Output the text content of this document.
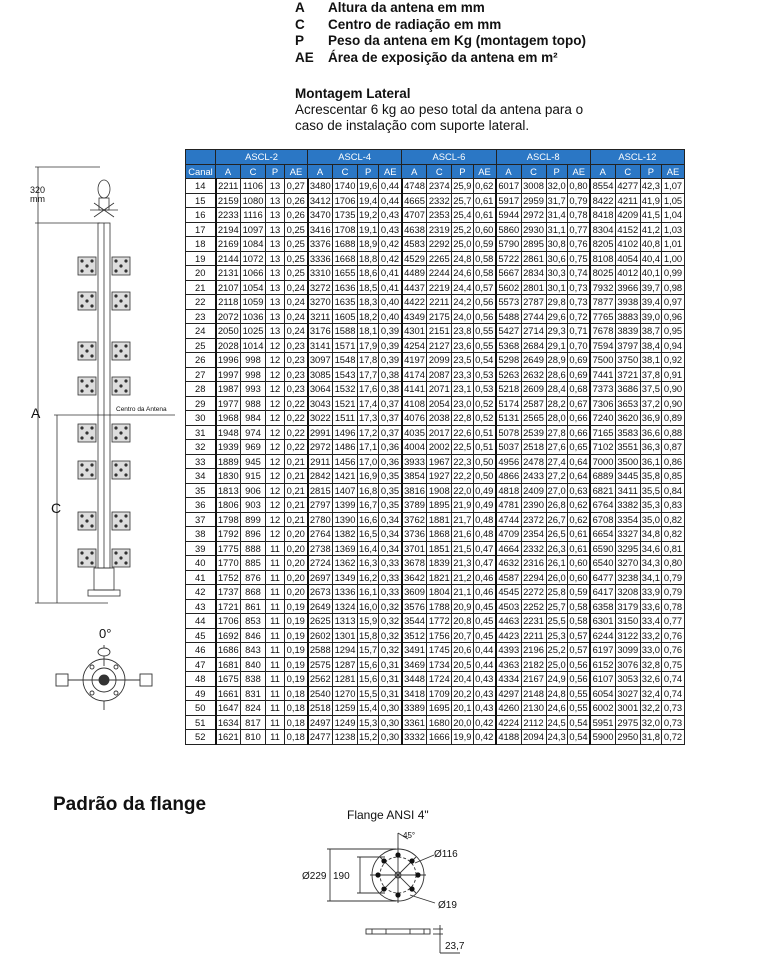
A	Altura da antena em mm
C	Centro de radiação em mm
P	Peso da antena em Kg (montagem topo)
AE	Área de exposição da antena em m²
Montagem Lateral
Acrescentar 6 kg ao peso total da antena para o
caso de instalação com suporte lateral.
	ASCL-2				ASCL-4				ASCL-6				ASCL-8				ASCL-12			
Canal	A	C	P	AE	A	C	P	AE	A	C	P	AE	A	C	P	AE	A	C	P	AE
14	2211	1106	13	0,27	3480	1740	19,6	0,44	4748	2374	25,9	0,62	6017	3008	32,0	0,80	8554	4277	42,3	1,07
15	2159	1080	13	0,26	3412	1706	19,4	0,44	4665	2332	25,7	0,61	5917	2959	31,7	0,79	8422	4211	41,9	1,05
16	2233	1116	13	0,26	3470	1735	19,2	0,43	4707	2353	25,4	0,61	5944	2972	31,4	0,78	8418	4209	41,5	1,04
17	2194	1097	13	0,25	3416	1708	19,1	0,43	4638	2319	25,2	0,60	5860	2930	31,1	0,77	8304	4152	41,2	1,03
18	2169	1084	13	0,25	3376	1688	18,9	0,42	4583	2292	25,0	0,59	5790	2895	30,8	0,76	8205	4102	40,8	1,01
19	2144	1072	13	0,25	3336	1668	18,8	0,42	4529	2265	24,8	0,58	5722	2861	30,6	0,75	8108	4054	40,4	1,00
20	2131	1066	13	0,25	3310	1655	18,6	0,41	4489	2244	24,6	0,58	5667	2834	30,3	0,74	8025	4012	40,1	0,99
21	2107	1054	13	0,24	3272	1636	18,5	0,41	4437	2219	24,4	0,57	5602	2801	30,1	0,73	7932	3966	39,7	0,98
22	2118	1059	13	0,24	3270	1635	18,3	0,40	4422	2211	24,2	0,56	5573	2787	29,8	0,73	7877	3938	39,4	0,97
23	2072	1036	13	0,24	3211	1605	18,2	0,40	4349	2175	24,0	0,56	5488	2744	29,6	0,72	7765	3883	39,0	0,96
24	2050	1025	13	0,24	3176	1588	18,1	0,39	4301	2151	23,8	0,55	5427	2714	29,3	0,71	7678	3839	38,7	0,95
25	2028	1014	12	0,23	3141	1571	17,9	0,39	4254	2127	23,6	0,55	5368	2684	29,1	0,70	7594	3797	38,4	0,94
26	1996	998	12	0,23	3097	1548	17,8	0,39	4197	2099	23,5	0,54	5298	2649	28,9	0,69	7500	3750	38,1	0,92
27	1997	998	12	0,23	3085	1543	17,7	0,38	4174	2087	23,3	0,53	5263	2632	28,6	0,69	7441	3721	37,8	0,91
28	1987	993	12	0,23	3064	1532	17,6	0,38	4141	2071	23,1	0,53	5218	2609	28,4	0,68	7373	3686	37,5	0,90
29	1977	988	12	0,22	3043	1521	17,4	0,37	4108	2054	23,0	0,52	5174	2587	28,2	0,67	7306	3653	37,2	0,90
30	1968	984	12	0,22	3022	1511	17,3	0,37	4076	2038	22,8	0,52	5131	2565	28,0	0,66	7240	3620	36,9	0,89
31	1948	974	12	0,22	2991	1496	17,2	0,37	4035	2017	22,6	0,51	5078	2539	27,8	0,66	7165	3583	36,6	0,88
32	1939	969	12	0,22	2972	1486	17,1	0,36	4004	2002	22,5	0,51	5037	2518	27,6	0,65	7102	3551	36,3	0,87
33	1889	945	12	0,21	2911	1456	17,0	0,36	3933	1967	22,3	0,50	4956	2478	27,4	0,64	7000	3500	36,1	0,86
34	1830	915	12	0,21	2842	1421	16,9	0,35	3854	1927	22,2	0,50	4866	2433	27,2	0,64	6889	3445	35,8	0,85
35	1813	906	12	0,21	2815	1407	16,8	0,35	3816	1908	22,0	0,49	4818	2409	27,0	0,63	6821	3411	35,5	0,84
36	1806	903	12	0,21	2797	1399	16,7	0,35	3789	1895	21,9	0,49	4781	2390	26,8	0,62	6764	3382	35,3	0,83
37	1798	899	12	0,21	2780	1390	16,6	0,34	3762	1881	21,7	0,48	4744	2372	26,7	0,62	6708	3354	35,0	0,82
38	1792	896	12	0,20	2764	1382	16,5	0,34	3736	1868	21,6	0,48	4709	2354	26,5	0,61	6654	3327	34,8	0,82
39	1775	888	11	0,20	2738	1369	16,4	0,34	3701	1851	21,5	0,47	4664	2332	26,3	0,61	6590	3295	34,6	0,81
40	1770	885	11	0,20	2724	1362	16,3	0,33	3678	1839	21,3	0,47	4632	2316	26,1	0,60	6540	3270	34,3	0,80
41	1752	876	11	0,20	2697	1349	16,2	0,33	3642	1821	21,2	0,46	4587	2294	26,0	0,60	6477	3238	34,1	0,79
42	1737	868	11	0,20	2673	1336	16,1	0,33	3609	1804	21,1	0,46	4545	2272	25,8	0,59	6417	3208	33,9	0,79
43	1721	861	11	0,19	2649	1324	16,0	0,32	3576	1788	20,9	0,45	4503	2252	25,7	0,58	6358	3179	33,6	0,78
44	1706	853	11	0,19	2625	1313	15,9	0,32	3544	1772	20,8	0,45	4463	2231	25,5	0,58	6301	3150	33,4	0,77
45	1692	846	11	0,19	2602	1301	15,8	0,32	3512	1756	20,7	0,45	4423	2211	25,3	0,57	6244	3122	33,2	0,76
46	1686	843	11	0,19	2588	1294	15,7	0,32	3491	1745	20,6	0,44	4393	2196	25,2	0,57	6197	3099	33,0	0,76
47	1681	840	11	0,19	2575	1287	15,6	0,31	3469	1734	20,5	0,44	4363	2182	25,0	0,56	6152	3076	32,8	0,75
48	1675	838	11	0,19	2562	1281	15,6	0,31	3448	1724	20,4	0,43	4334	2167	24,9	0,56	6107	3053	32,6	0,74
49	1661	831	11	0,18	2540	1270	15,5	0,31	3418	1709	20,2	0,43	4297	2148	24,8	0,55	6054	3027	32,4	0,74
50	1647	824	11	0,18	2518	1259	15,4	0,30	3389	1695	20,1	0,43	4260	2130	24,6	0,55	6002	3001	32,2	0,73
51	1634	817	11	0,18	2497	1249	15,3	0,30	3361	1680	20,0	0,42	4224	2112	24,5	0,54	5951	2975	32,0	0,73
52	1621	810	11	0,18	2477	1238	15,2	0,30	3332	1666	19,9	0,42	4188	2094	24,3	0,54	5900	2950	31,8	0,72
320
mm
A
C
Centro da Antena
0°
Padrão da flange	Flange ANSI 4"
45°
Ø116
Ø229 190
Ø19
23,7
